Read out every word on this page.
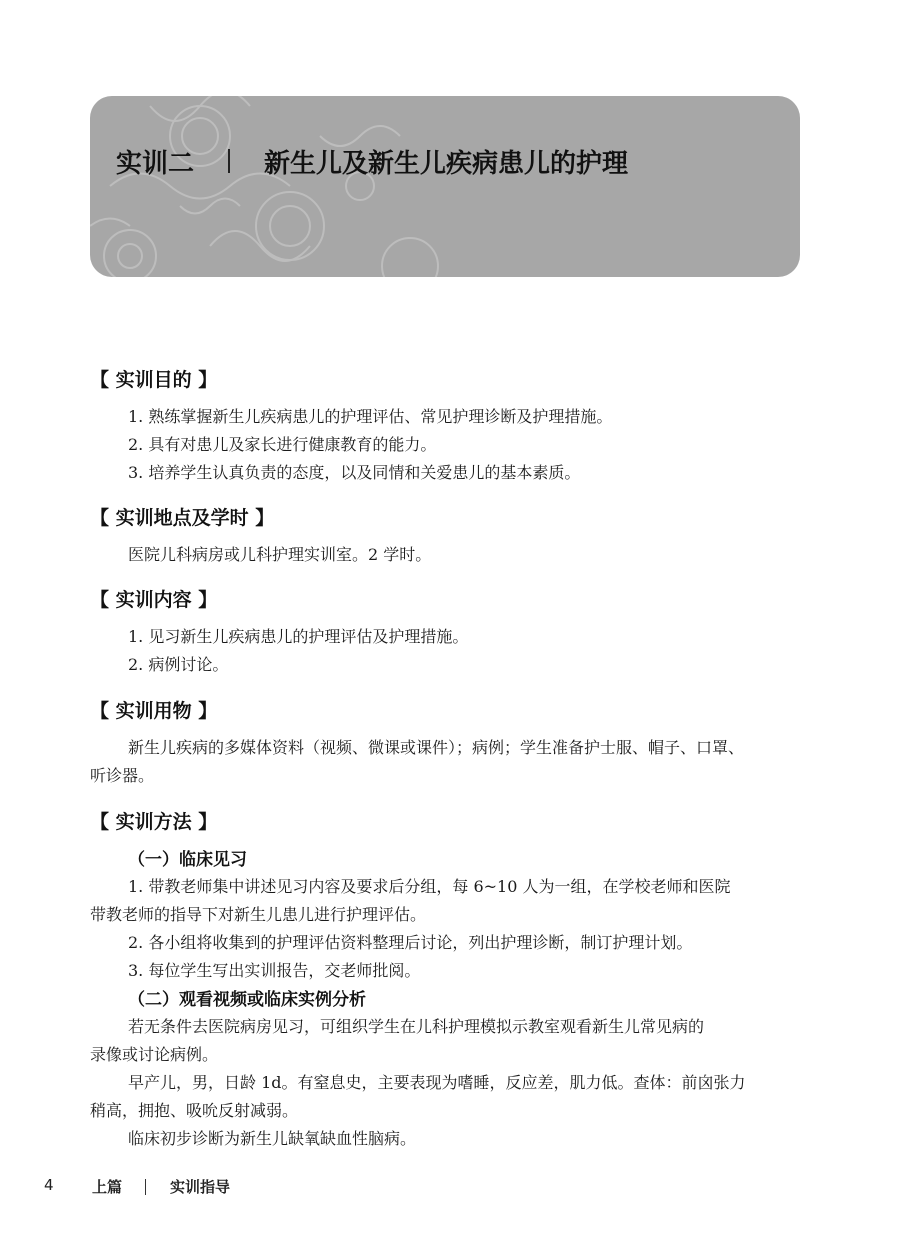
实训二	新生儿及新生儿疾病患儿的护理
【 实训目的 】
1. 熟练掌握新生儿疾病患儿的护理评估、常见护理诊断及护理措施。
2. 具有对患儿及家长进行健康教育的能力。
3. 培养学生认真负责的态度，以及同情和关爱患儿的基本素质。
【 实训地点及学时 】
医院儿科病房或儿科护理实训室。2 学时。
【 实训内容 】
1. 见习新生儿疾病患儿的护理评估及护理措施。
2. 病例讨论。
【 实训用物 】
新生儿疾病的多媒体资料（视频、微课或课件）；病例；学生准备护士服、帽子、口罩、
听诊器。
【 实训方法 】
（一）临床见习
1. 带教老师集中讲述见习内容及要求后分组，每 6~10 人为一组，在学校老师和医院
带教老师的指导下对新生儿患儿进行护理评估。
2. 各小组将收集到的护理评估资料整理后讨论，列出护理诊断，制订护理计划。
3. 每位学生写出实训报告，交老师批阅。
（二）观看视频或临床实例分析
若无条件去医院病房见习，可组织学生在儿科护理模拟示教室观看新生儿常见病的
录像或讨论病例。
早产儿，男，日龄 1d。有窒息史，主要表现为嗜睡，反应差，肌力低。查体：前囟张力
稍高，拥抱、吸吮反射减弱。
临床初步诊断为新生儿缺氧缺血性脑病。
4	上篇	实训指导
